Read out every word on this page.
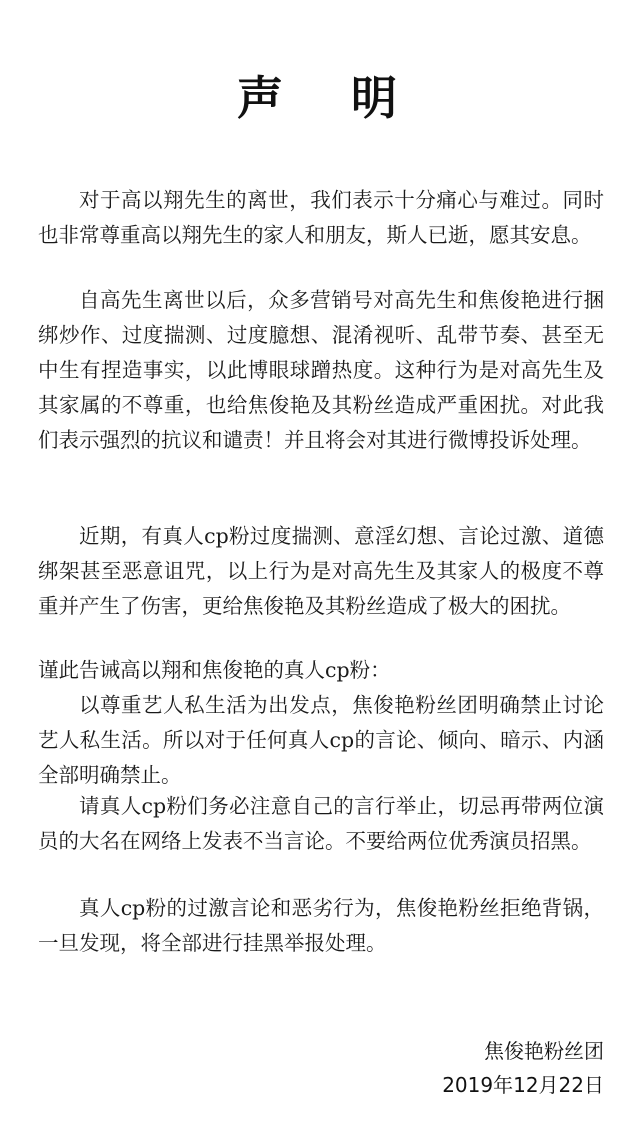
声 明

对于高以翔先生的离世，我们表示十分痛心与难过。同时也非常尊重高以翔先生的家人和朋友，斯人已逝，愿其安息。

自高先生离世以后，众多营销号对高先生和焦俊艳进行捆绑炒作、过度揣测、过度臆想、混淆视听、乱带节奏、甚至无中生有捏造事实，以此博眼球蹭热度。这种行为是对高先生及其家属的不尊重，也给焦俊艳及其粉丝造成严重困扰。对此我们表示强烈的抗议和谴责！并且将会对其进行微博投诉处理。

近期，有真人cp粉过度揣测、意淫幻想、言论过激、道德绑架甚至恶意诅咒，以上行为是对高先生及其家人的极度不尊重并产生了伤害，更给焦俊艳及其粉丝造成了极大的困扰。

谨此告诫高以翔和焦俊艳的真人cp粉：

以尊重艺人私生活为出发点，焦俊艳粉丝团明确禁止讨论艺人私生活。所以对于任何真人cp的言论、倾向、暗示、内涵全部明确禁止。

请真人cp粉们务必注意自己的言行举止，切忌再带两位演员的大名在网络上发表不当言论。不要给两位优秀演员招黑。

真人cp粉的过激言论和恶劣行为，焦俊艳粉丝拒绝背锅，一旦发现，将全部进行挂黑举报处理。

焦俊艳粉丝团
2019年12月22日
